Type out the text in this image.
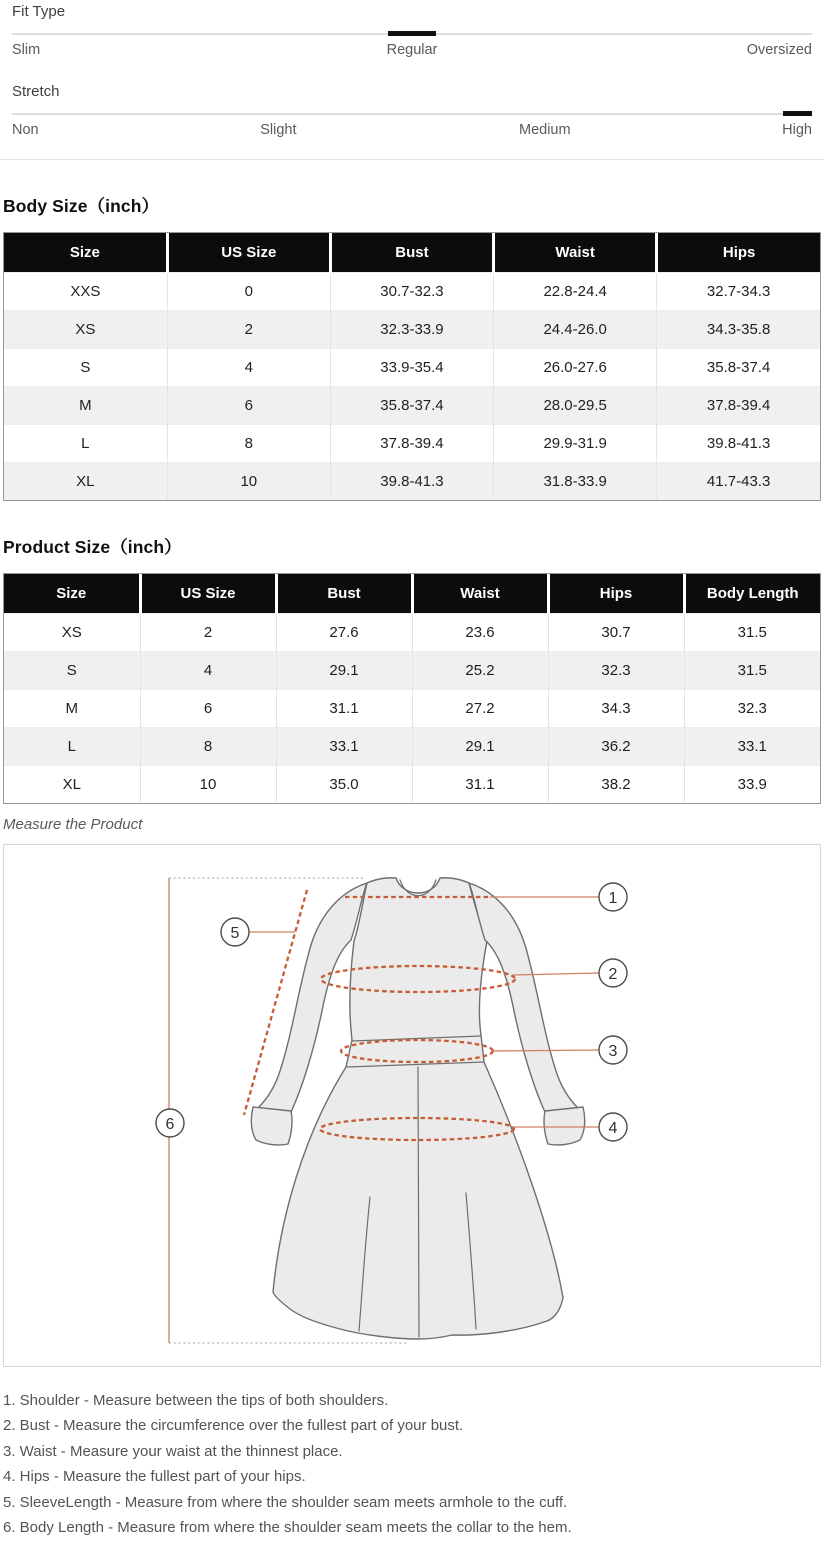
Fit Type
Slim	Regular	Oversized
Stretch
Non	Slight	Medium	High
Body Size（inch）
Size	US Size	Bust	Waist	Hips
XXS	0	30.7-32.3	22.8-24.4	32.7-34.3
XS	2	32.3-33.9	24.4-26.0	34.3-35.8
S	4	33.9-35.4	26.0-27.6	35.8-37.4
M	6	35.8-37.4	28.0-29.5	37.8-39.4
L	8	37.8-39.4	29.9-31.9	39.8-41.3
XL	10	39.8-41.3	31.8-33.9	41.7-43.3
Product Size（inch）
Size	US Size	Bust	Waist	Hips	Body Length
XS	2	27.6	23.6	30.7	31.5
S	4	29.1	25.2	32.3	31.5
M	6	31.1	27.2	34.3	32.3
L	8	33.1	29.1	36.2	33.1
XL	10	35.0	31.1	38.2	33.9
Measure the Product
1
2
3
4
5
6
1. Shoulder - Measure between the tips of both shoulders.
2. Bust - Measure the circumference over the fullest part of your bust.
3. Waist - Measure your waist at the thinnest place.
4. Hips - Measure the fullest part of your hips.
5. SleeveLength - Measure from where the shoulder seam meets armhole to the cuff.
6. Body Length - Measure from where the shoulder seam meets the collar to the hem.
